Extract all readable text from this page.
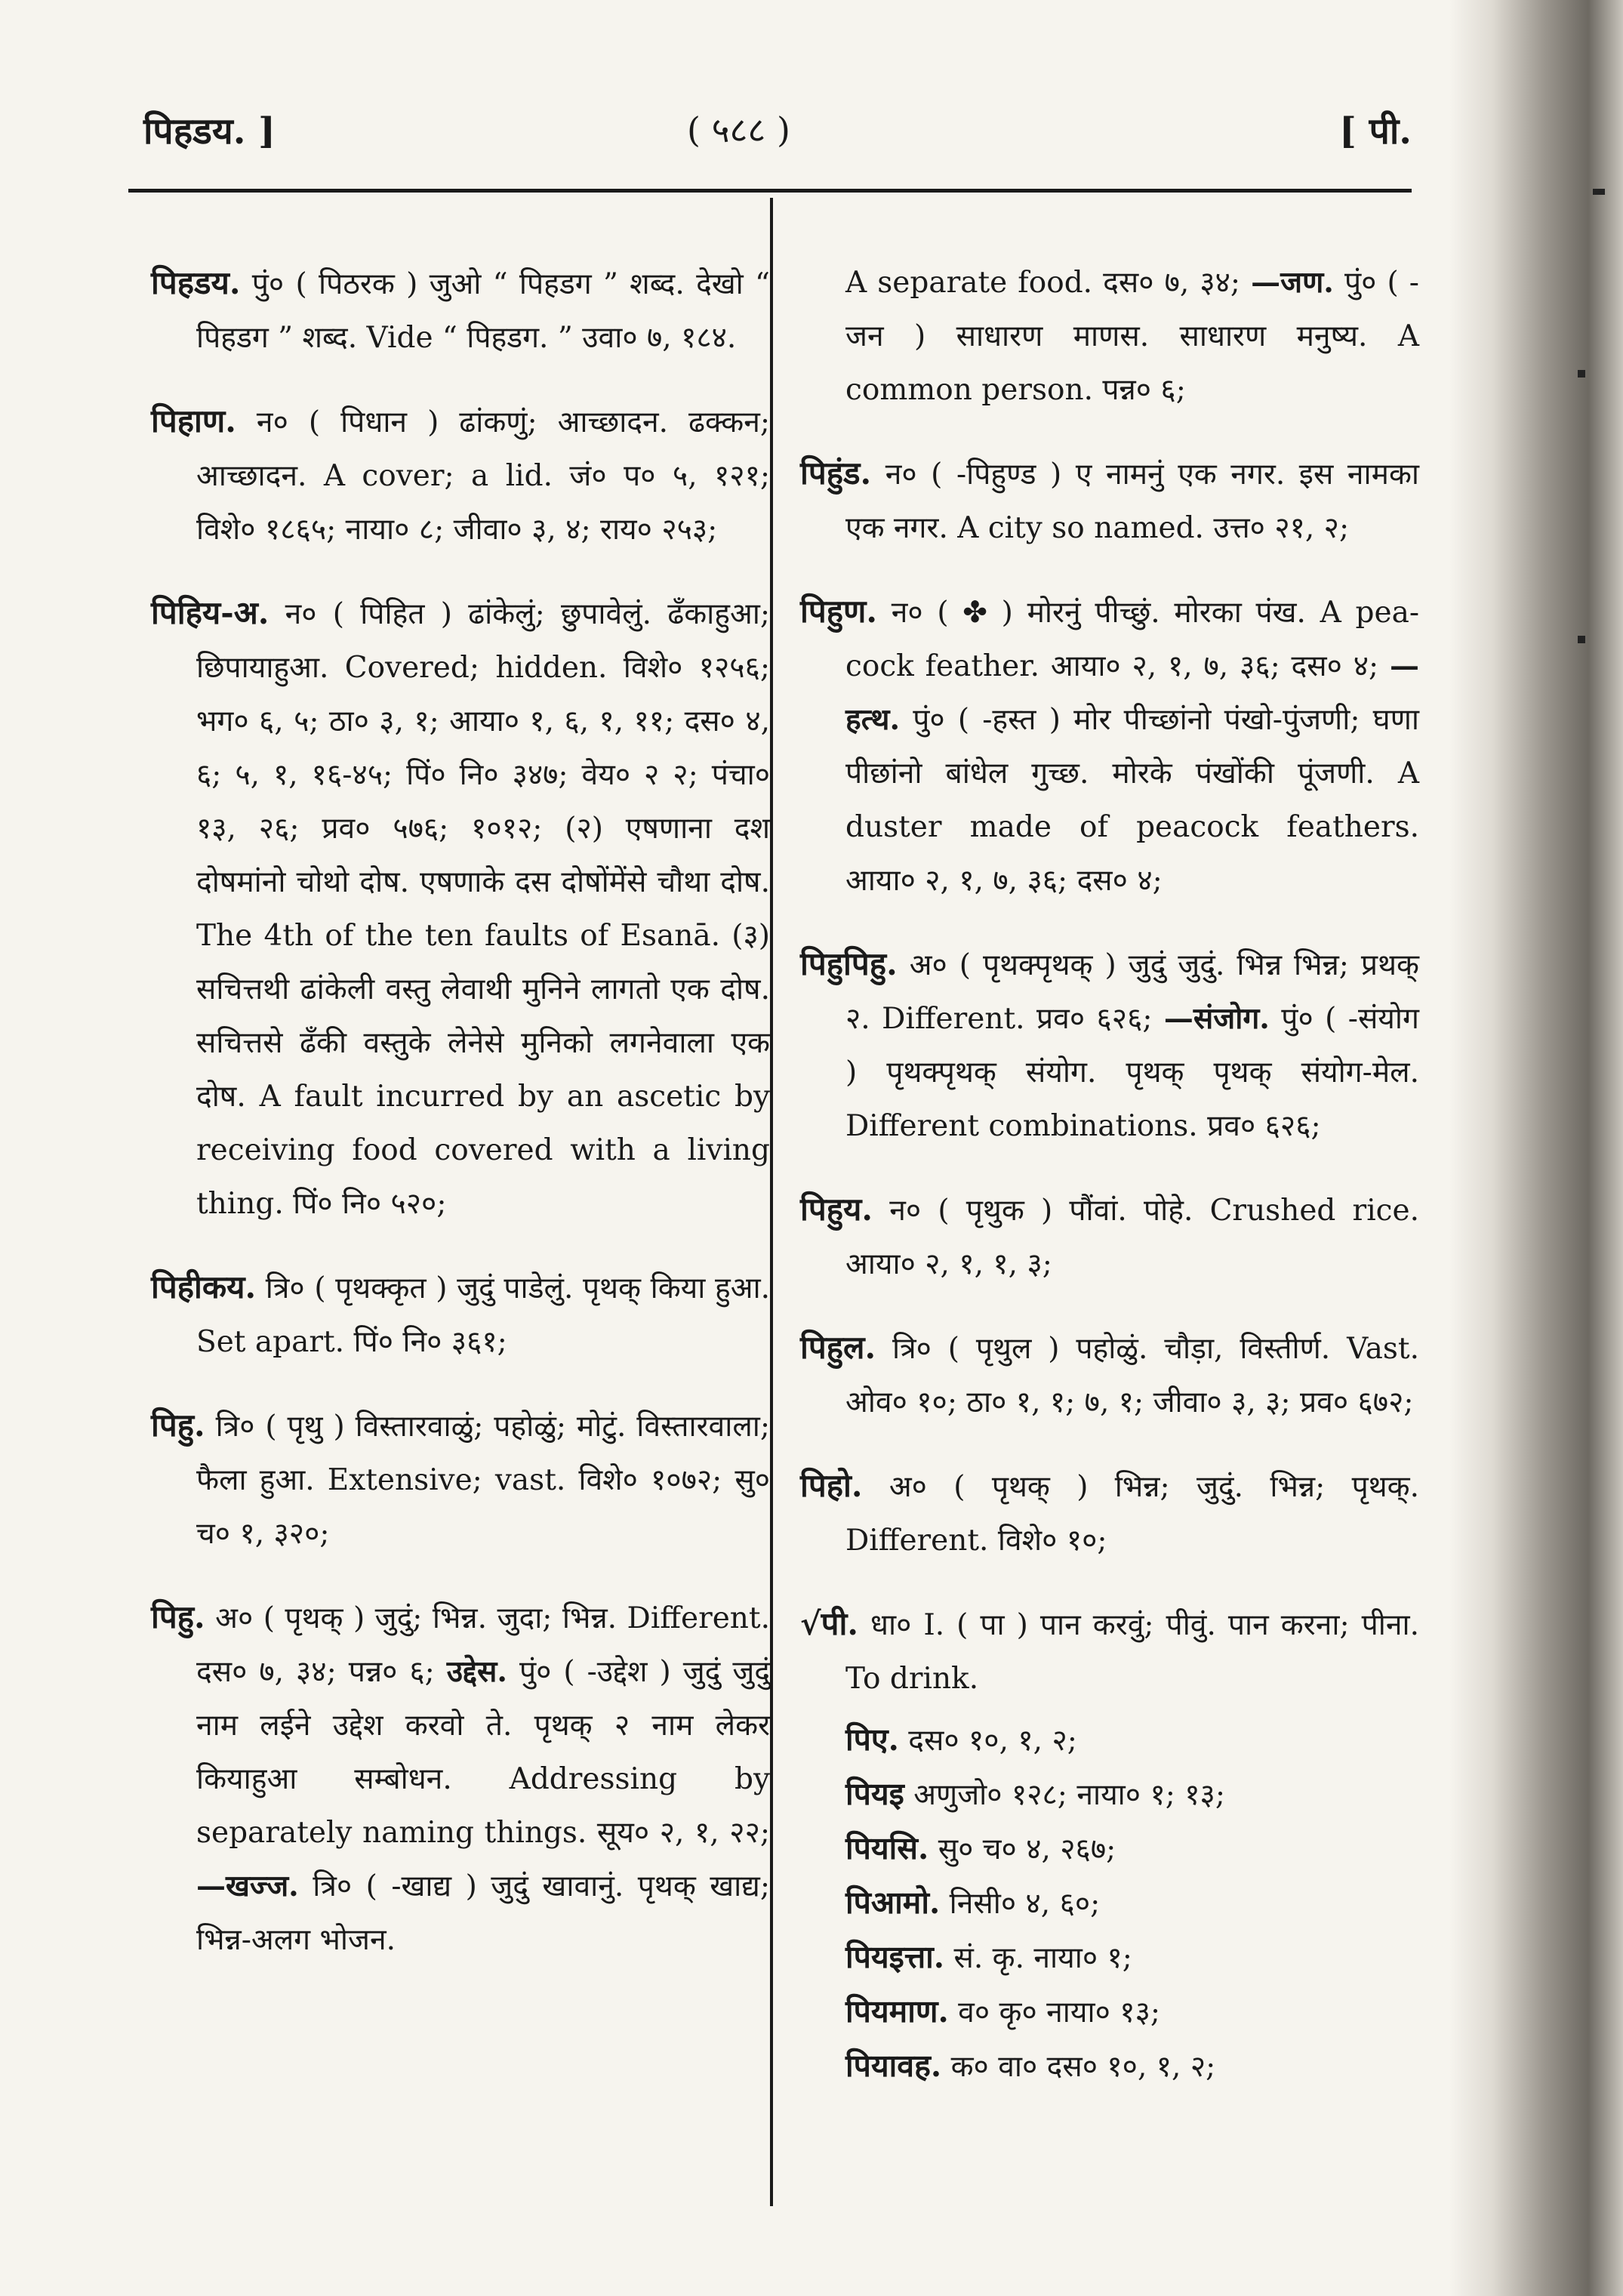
पिहडय. ]	( ५८८ )	[ पी.

पिहडय. पुं० ( पिठरक ) जुओ “ पिहडग ” शब्द. देखो “ पिहडग ” शब्द. Vide “ पिहडग. ” उवा० ७, १८४.

पिहाण. न० ( पिधान ) ढांकणुं; आच्छादन. ढक्कन; आच्छादन. A cover; a lid. जं० प० ५, १२१; विशे० १८६५; नाया० ८; जीवा० ३, ४; राय० २५३;

पिहिय-अ. न० ( पिहित ) ढांकेलुं; छुपावेलुं. ढँकाहुआ; छिपायाहुआ. Covered; hidden. विशे० १२५६; भग० ६, ५; ठा० ३, १; आया० १, ६, १, ११; दस० ४, ६; ५, १, १६-४५; पिं० नि० ३४७; वेय० २ २; पंचा० १३, २६; प्रव० ५७६; १०१२; (२) एषणाना दश दोषमांनो चोथो दोष. एषणाके दस दोषोंमेंसे चौथा दोष. The 4th of the ten faults of Esanā. (३) सचित्तथी ढांकेली वस्तु लेवाथी मुनिने लागतो एक दोष. सचित्तसे ढँकी वस्तुके लेनेसे मुनिको लगनेवाला एक दोष. A fault incurred by an ascetic by receiving food covered with a living thing. पिं० नि० ५२०;

पिहीकय. त्रि० ( पृथक्कृत ) जुदुं पाडेलुं. पृथक् किया हुआ. Set apart. पिं० नि० ३६१;

पिहु. त्रि० ( पृथु ) विस्तारवाळुं; पहोळुं; मोटुं. विस्तारवाला; फैला हुआ. Extensive; vast. विशे० १०७२; सु० च० १, ३२०;

पिहु. अ० ( पृथक् ) जुदुं; भिन्न. जुदा; भिन्न. Different. दस० ७, ३४; पन्न० ६; उद्देस. पुं० ( -उद्देश ) जुदुं जुदुं नाम लईने उद्देश करवो ते. पृथक् २ नाम लेकर कियाहुआ सम्बोधन. Addressing by separately naming things. सूय० २, १, २२; —खज्ज. त्रि० ( -खाद्य ) जुदुं खावानुं. पृथक् खाद्य; भिन्न-अलग भोजन.

A separate food. दस० ७, ३४; —जण. पुं० ( -जन ) साधारण माणस. साधारण मनुष्य. A common person. पन्न० ६;

पिहुंड. न० ( -पिहुण्ड ) ए नामनुं एक नगर. इस नामका एक नगर. A city so named. उत्त० २१, २;

पिहुण. न० ( ✤ ) मोरनुं पीच्छुं. मोरका पंख. A pea-cock feather. आया० २, १, ७, ३६; दस० ४; —हत्थ. पुं० ( -हस्त ) मोर पीच्छांनो पंखो-पुंजणी; घणा पीछांनो बांधेल गुच्छ. मोरके पंखोंकी पूंजणी. A duster made of peacock feathers. आया० २, १, ७, ३६; दस० ४;

पिहुपिहु. अ० ( पृथक्पृथक् ) जुदुं जुदुं. भिन्न भिन्न; प्रथक् २. Different. प्रव० ६२६; —संजोग. पुं० ( -संयोग ) पृथक्पृथक् संयोग. पृथक् पृथक् संयोग-मेल. Different combinations. प्रव० ६२६;

पिहुय. न० ( पृथुक ) पौंवां. पोहे. Crushed rice. आया० २, १, १, ३;

पिहुल. त्रि० ( पृथुल ) पहोळुं. चौड़ा, विस्तीर्ण. Vast. ओव० १०; ठा० १, १; ७, १; जीवा० ३, ३; प्रव० ६७२;

पिहो. अ० ( पृथक् ) भिन्न; जुदुं. भिन्न; पृथक्. Different. विशे० १०;

√पी. धा० I. ( पा ) पान करवुं; पीवुं. पान करना; पीना. To drink.

पिए. दस० १०, १, २;

पियइ अणुजो० १२८; नाया० १; १३;

पियसि. सु० च० ४, २६७;

पिआमो. निसी० ४, ६०;

पियइत्ता. सं. कृ. नाया० १;

पियमाण. व० कृ० नाया० १३;

पियावह. क० वा० दस० १०, १, २;
